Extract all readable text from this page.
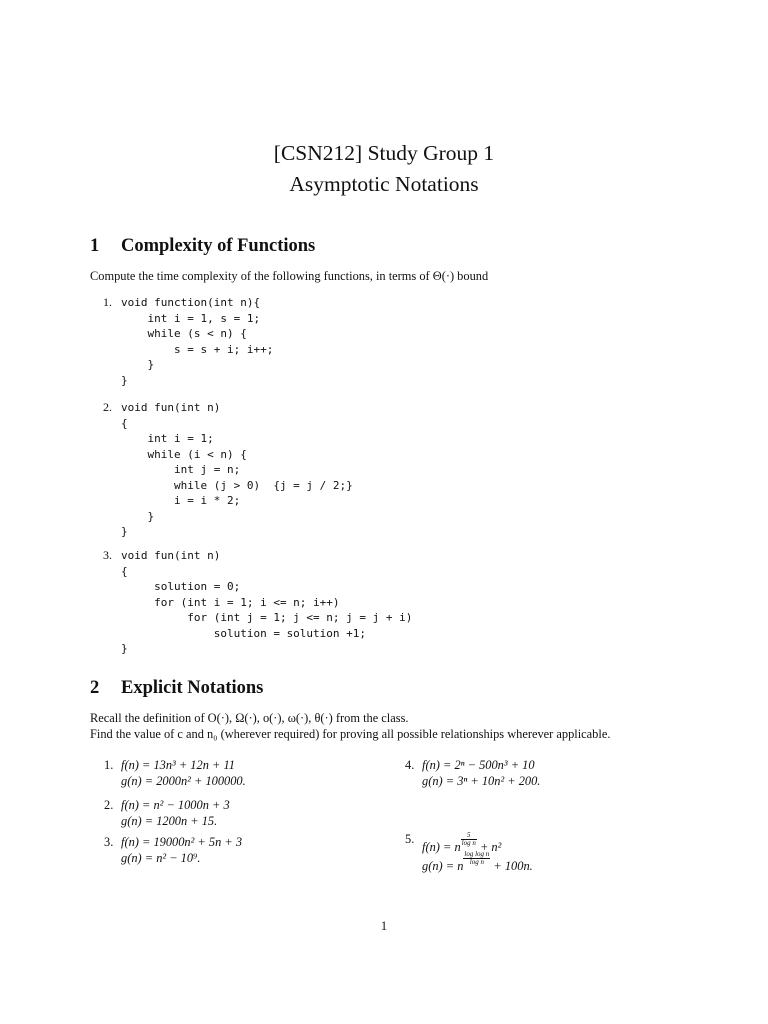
[CSN212] Study Group 1
Asymptotic Notations
1 Complexity of Functions
Compute the time complexity of the following functions, in terms of Θ(·) bound
1. void function(int n){
int i = 1, s = 1;
while (s < n) {
s = s + i; i++;
}
}
2. void fun(int n)
{
int i = 1;
while (i < n) {
int j = n;
while (j > 0)  {j = j / 2;}
i = i * 2;
}
}
3. void fun(int n)
{
solution = 0;
for (int i = 1; i <= n; i++)
for (int j = 1; j <= n; j = j + i)
solution = solution +1;
}
2 Explicit Notations
Recall the definition of O(·), Ω(·), o(·), ω(·), θ(·) from the class.
Find the value of c and n₀ (wherever required) for proving all possible relationships wherever applicable.
1. f(n) = 13n³ + 12n + 11
g(n) = 2000n² + 100000.
2. f(n) = n² − 1000n + 3
g(n) = 1200n + 15.
3. f(n) = 19000n² + 5n + 3
g(n) = n² − 10⁹.
4. f(n) = 2ⁿ − 500n³ + 10
g(n) = 3ⁿ + 10n² + 200.
5.
f(n) = n $\frac{5}{\text{log n}} + n^2$
g(n) = n $\frac{\text{log log n}}{\text{log n}} + 100n$.
1
